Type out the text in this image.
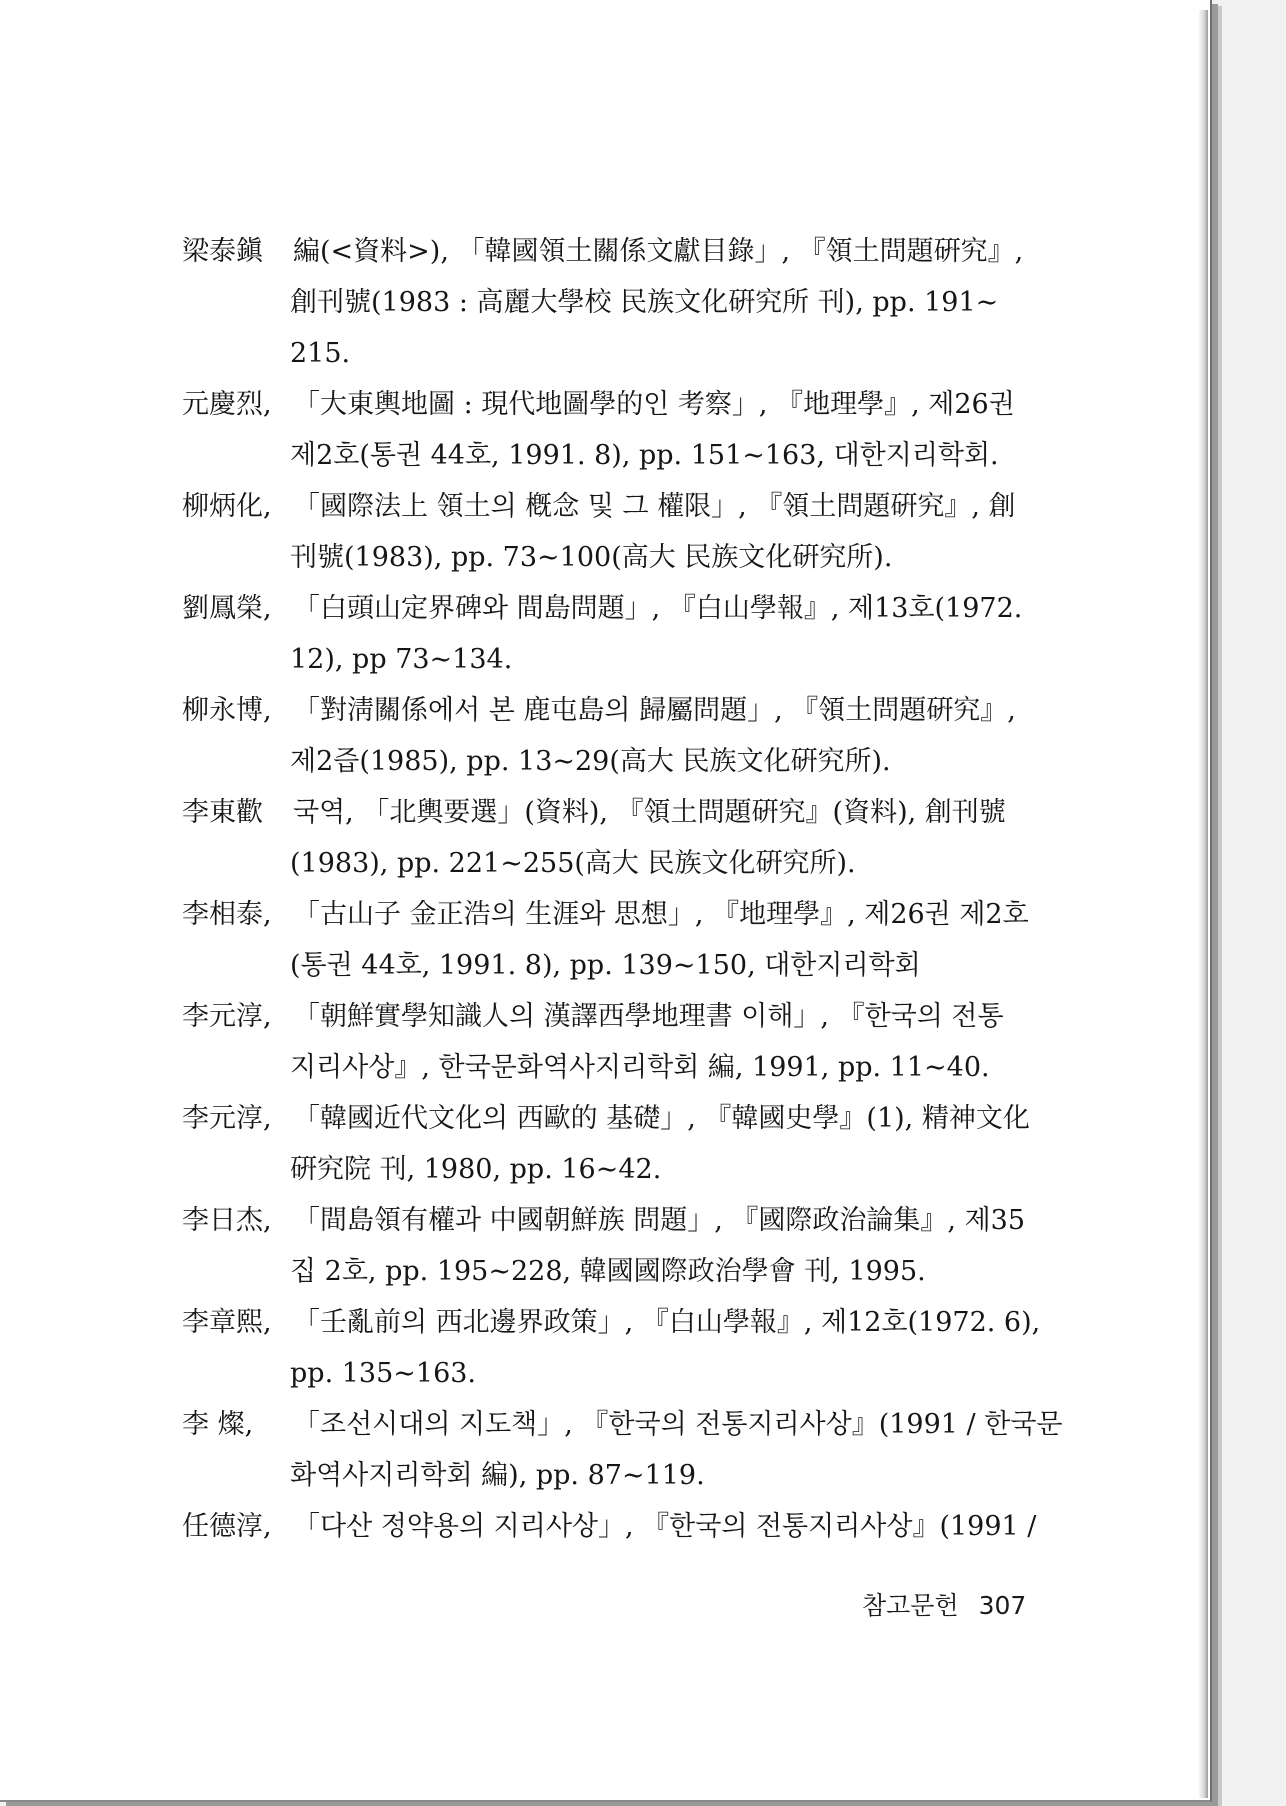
梁泰鎭 編(<資料>), 「韓國領土關係文獻目錄」, 『領土問題硏究』,
創刊號(1983 : 高麗大學校 民族文化硏究所 刊), pp. 191∼
215.
元慶烈, 「大東輿地圖 : 現代地圖學的인 考察」, 『地理學』, 제26권
제2호(통권 44호, 1991. 8), pp. 151∼163, 대한지리학회.
柳炳化, 「國際法上 領土의 槪念 및 그 權限」, 『領土問題硏究』, 創
刊號(1983), pp. 73∼100(高大 民族文化硏究所).
劉鳳榮, 「白頭山定界碑와 間島問題」, 『白山學報』, 제13호(1972.
12), pp 73∼134.
柳永博, 「對淸關係에서 본 鹿屯島의 歸屬問題」, 『領土問題硏究』,
제2즙(1985), pp. 13∼29(高大 民族文化硏究所).
李東歡 국역, 「北輿要選」(資料), 『領土問題硏究』(資料), 創刊號
(1983), pp. 221∼255(高大 民族文化硏究所).
李相泰, 「古山子 金正浩의 生涯와 思想」, 『地理學』, 제26권 제2호
(통권 44호, 1991. 8), pp. 139∼150, 대한지리학회
李元淳, 「朝鮮實學知識人의 漢譯西學地理書 이해」, 『한국의 전통
지리사상』, 한국문화역사지리학회 編, 1991, pp. 11∼40.
李元淳, 「韓國近代文化의 西歐的 基礎」, 『韓國史學』(1), 精神文化
硏究院 刊, 1980, pp. 16∼42.
李日杰, 「間島領有權과 中國朝鮮族 問題」, 『國際政治論集』, 제35
집 2호, pp. 195∼228, 韓國國際政治學會 刊, 1995.
李章熙, 「壬亂前의 西北邊界政策」, 『白山學報』, 제12호(1972. 6),
pp. 135∼163.
李 燦, 「조선시대의 지도책」, 『한국의 전통지리사상』(1991 / 한국문
화역사지리학회 編), pp. 87∼119.
任德淳, 「다산 정약용의 지리사상」, 『한국의 전통지리사상』(1991 /
참고문헌 307
